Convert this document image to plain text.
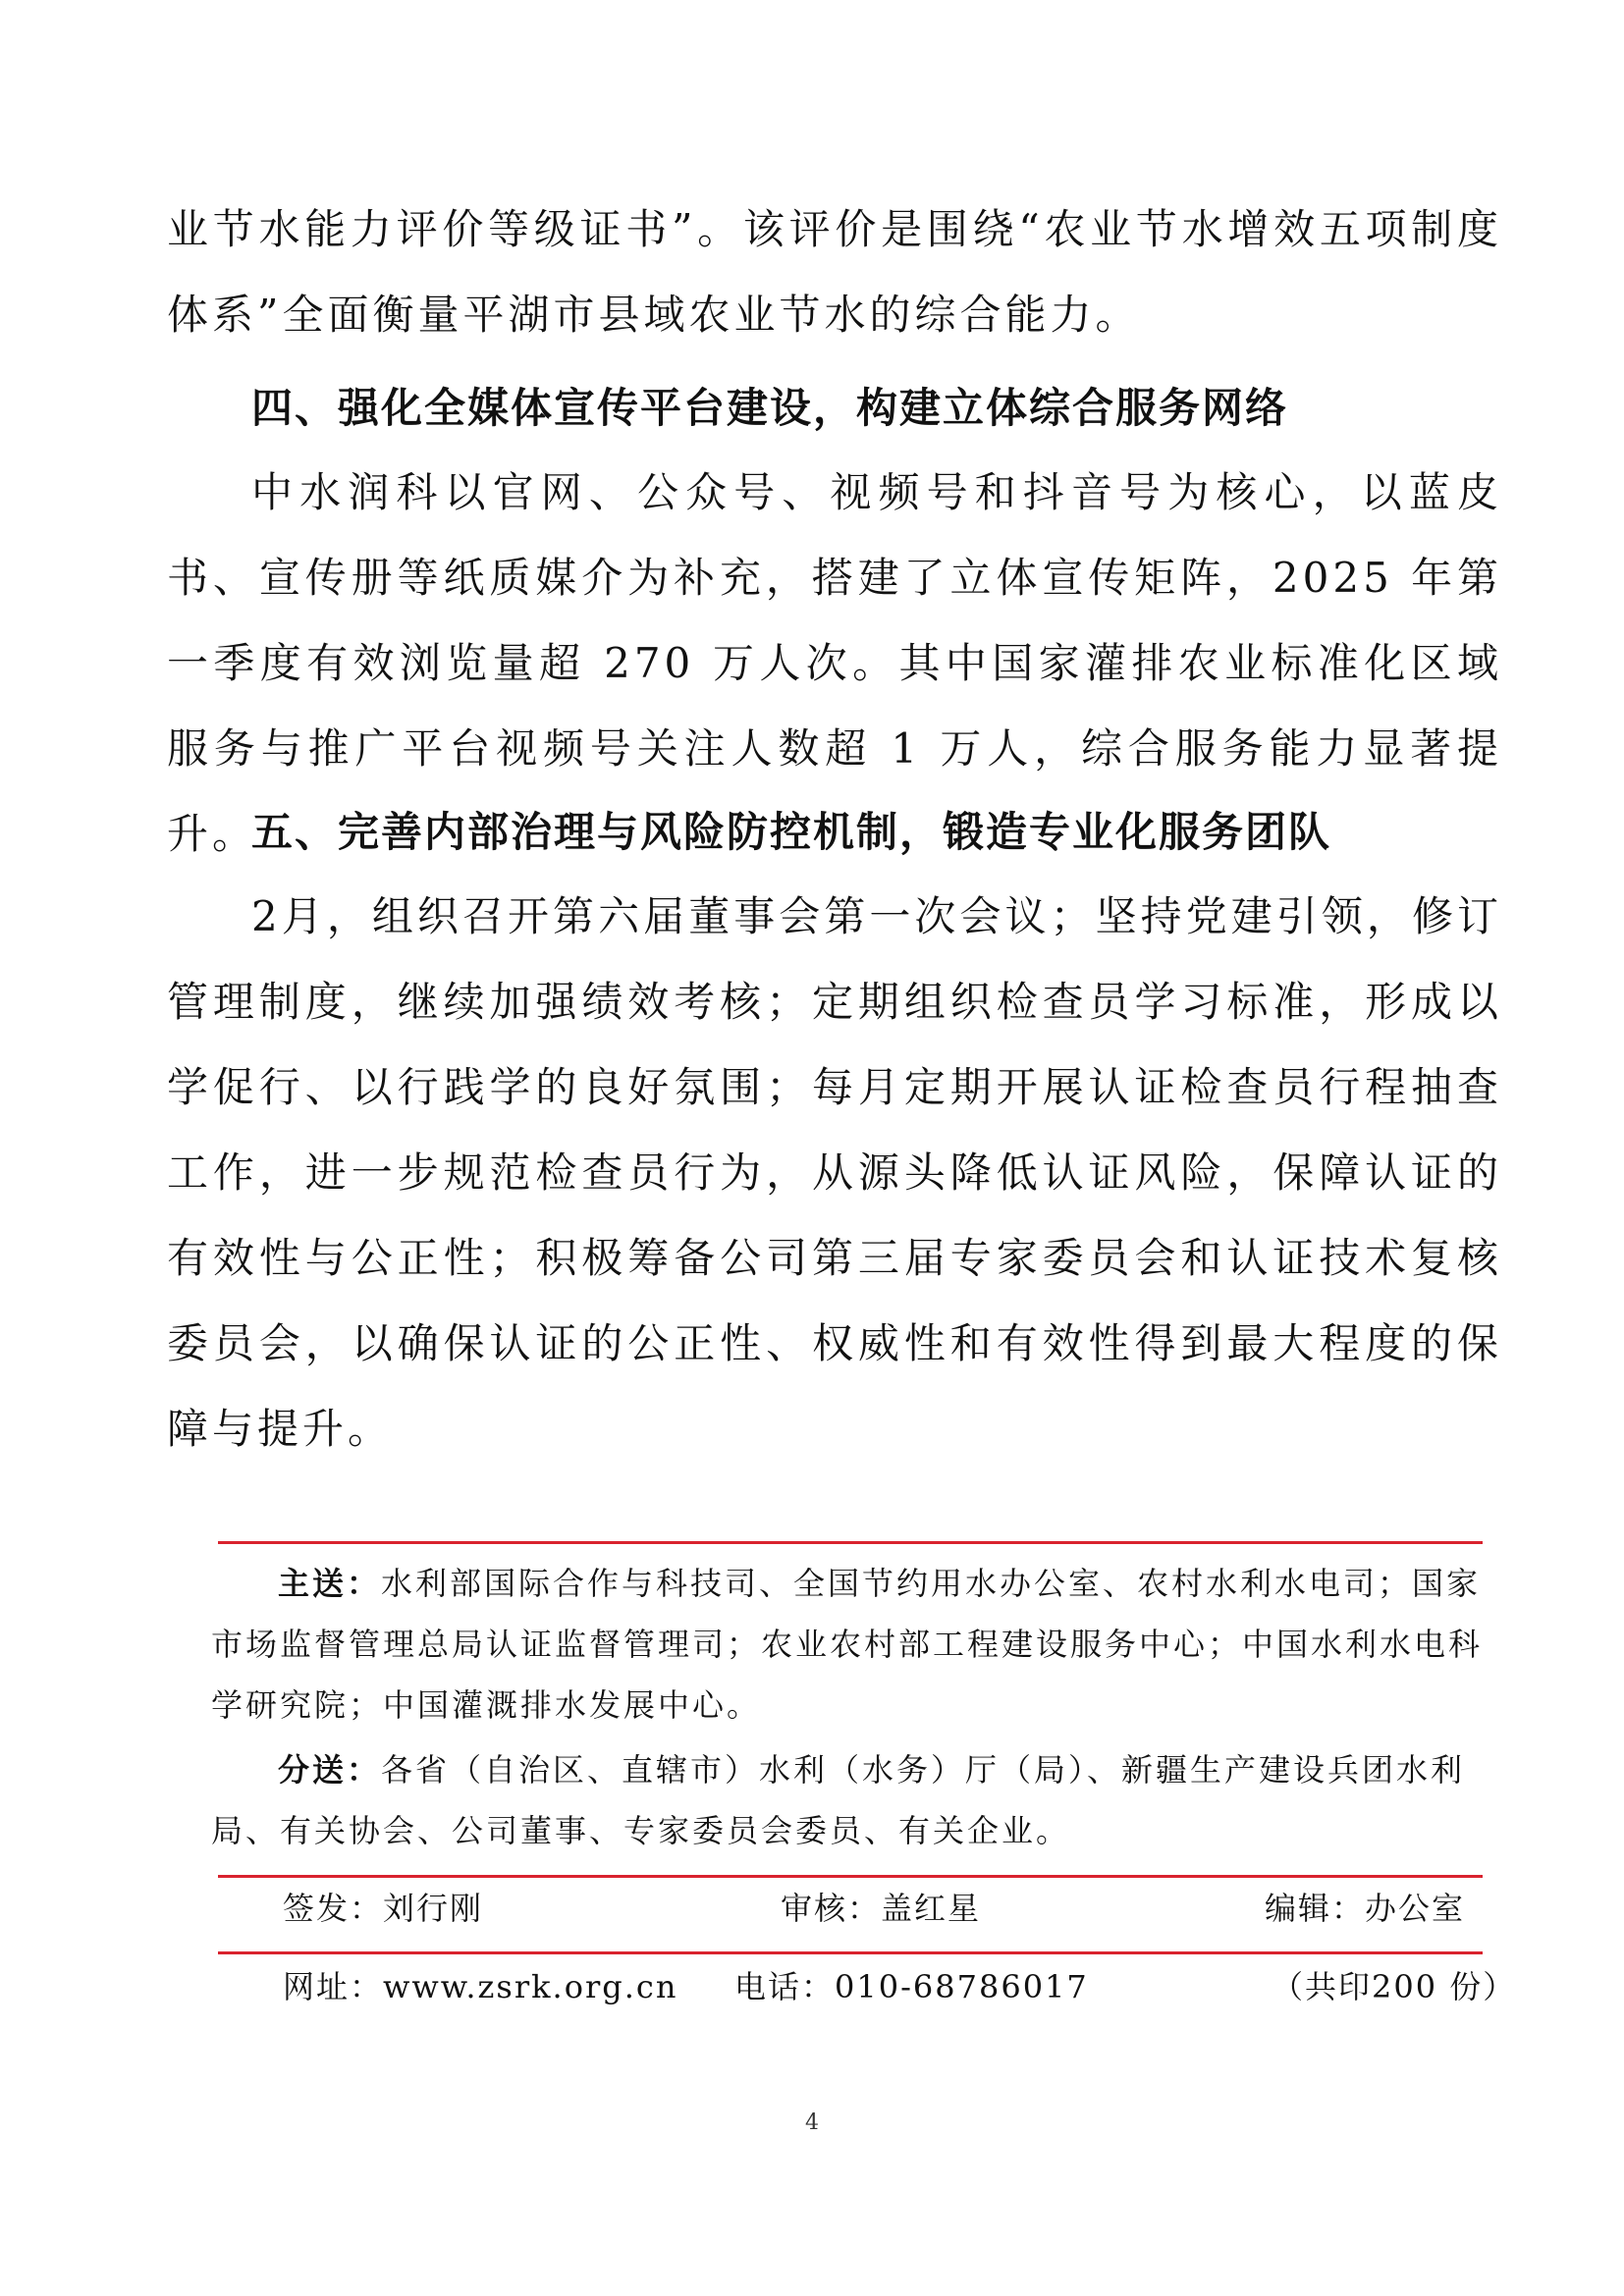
业节水能力评价等级证书”。该评价是围绕“农业节水增效五项制度体系”全面衡量平湖市县域农业节水的综合能力。

四、强化全媒体宣传平台建设，构建立体综合服务网络

中水润科以官网、公众号、视频号和抖音号为核心，以蓝皮书、宣传册等纸质媒介为补充，搭建了立体宣传矩阵，2025 年第一季度有效浏览量超 270 万人次。其中国家灌排农业标准化区域服务与推广平台视频号关注人数超 1 万人，综合服务能力显著提升。

五、完善内部治理与风险防控机制，锻造专业化服务团队

2月，组织召开第六届董事会第一次会议；坚持党建引领，修订管理制度，继续加强绩效考核；定期组织检查员学习标准，形成以学促行、以行践学的良好氛围；每月定期开展认证检查员行程抽查工作，进一步规范检查员行为，从源头降低认证风险，保障认证的有效性与公正性；积极筹备公司第三届专家委员会和认证技术复核委员会，以确保认证的公正性、权威性和有效性得到最大程度的保障与提升。

主送：水利部国际合作与科技司、全国节约用水办公室、农村水利水电司；国家市场监督管理总局认证监督管理司；农业农村部工程建设服务中心；中国水利水电科学研究院；中国灌溉排水发展中心。

分送：各省（自治区、直辖市）水利（水务）厅（局）、新疆生产建设兵团水利局、有关协会、公司董事、专家委员会委员、有关企业。

签发：刘行刚	审核：盖红星	编辑：办公室
网址：www.zsrk.org.cn 电话：010-68786017	（共印200 份）
4
